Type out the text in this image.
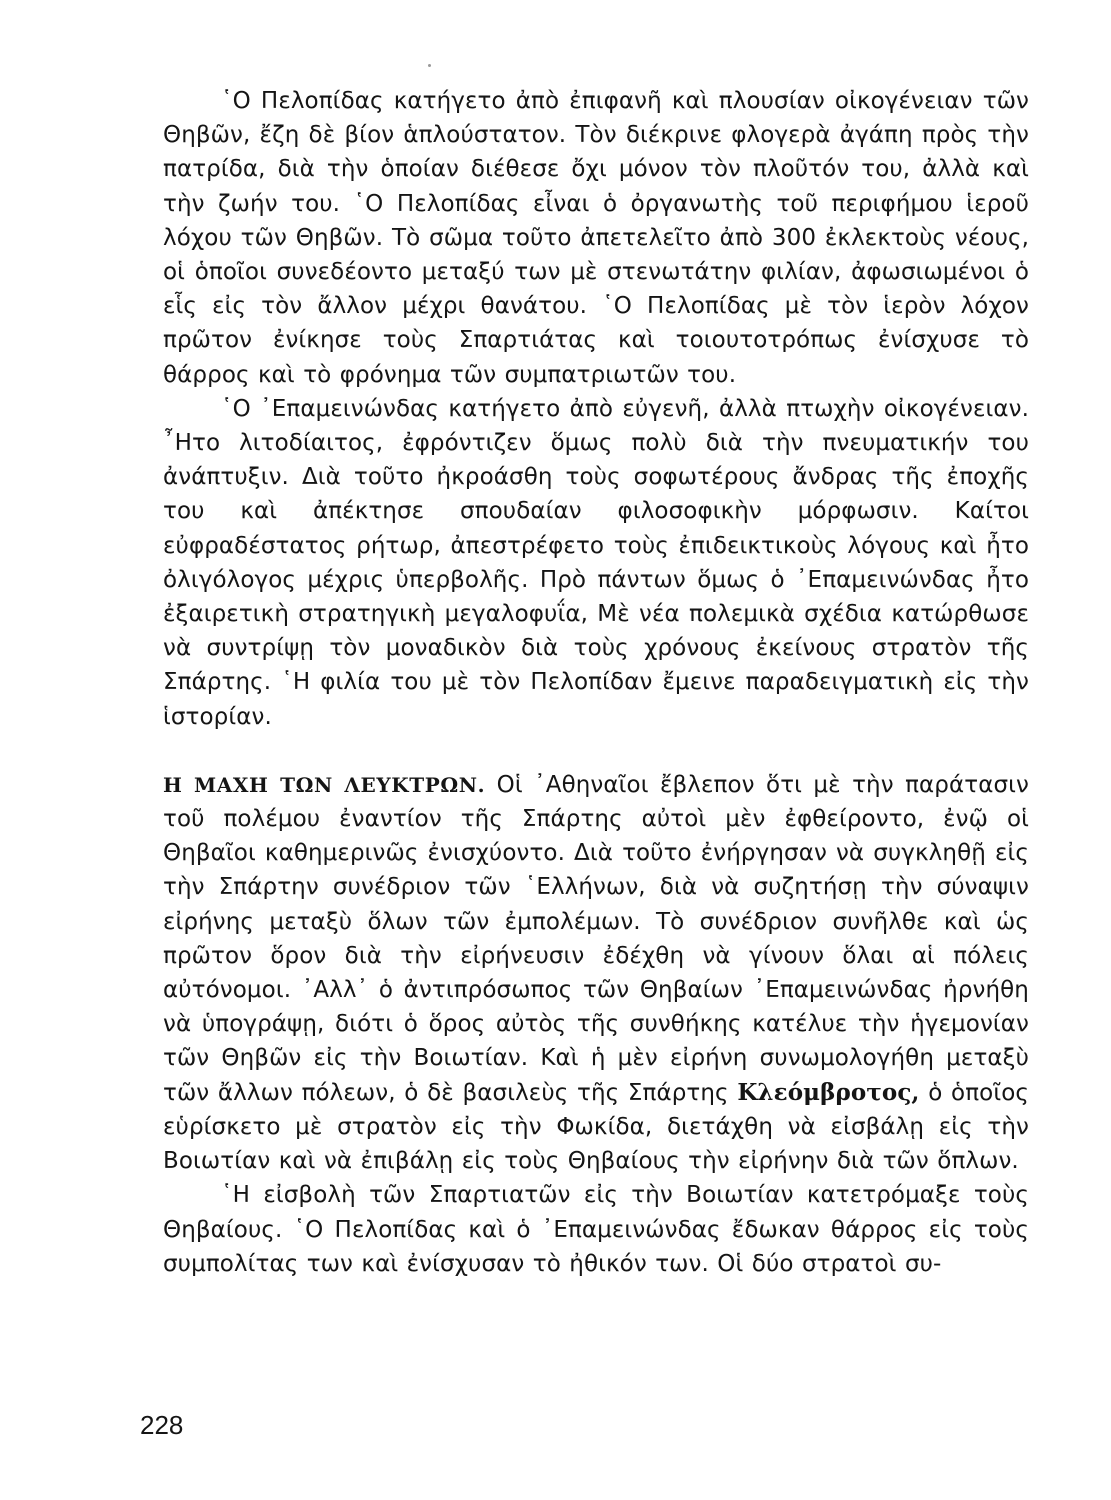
῾Ο Πελοπίδας κατήγετο ἀπὸ ἐπιφανῆ καὶ πλουσίαν οἰκογένειαν τῶν Θηβῶν, ἔζη δὲ βίον ἁπλούστατον. Τὸν διέκρινε φλογερὰ ἀγάπη πρὸς τὴν πατρίδα, διὰ τὴν ὁποίαν διέθεσε ὄχι μόνον τὸν πλοῦτόν του, ἀλλὰ καὶ τὴν ζωήν του. ῾Ο Πελοπίδας εἶναι ὁ ὀργανωτὴς τοῦ περιφήμου ἱεροῦ λόχου τῶν Θηβῶν. Τὸ σῶμα τοῦτο ἀπετελεῖτο ἀπὸ 300 ἐκλεκτοὺς νέους, οἱ ὁποῖοι συνεδέοντο μεταξύ των μὲ στενωτάτην φιλίαν, ἀφωσιωμένοι ὁ εἷς εἰς τὸν ἄλλον μέχρι θανάτου. ῾Ο Πελοπίδας μὲ τὸν ἱερὸν λόχον πρῶτον ἐνίκησε τοὺς Σπαρτιάτας καὶ τοιουτοτρόπως ἐνίσχυσε τὸ θάρρος καὶ τὸ φρόνημα τῶν συμπατριωτῶν του.

῾Ο ᾿Επαμεινώνδας κατήγετο ἀπὸ εὐγενῆ, ἀλλὰ πτωχὴν οἰκογένειαν. ῏Ητο λιτοδίαιτος, ἐφρόντιζεν ὅμως πολὺ διὰ τὴν πνευματικήν του ἀνάπτυξιν. Διὰ τοῦτο ἠκροάσθη τοὺς σοφωτέρους ἄνδρας τῆς ἐποχῆς του καὶ ἀπέκτησε σπουδαίαν φιλοσοφικὴν μόρφωσιν. Καίτοι εὐφραδέστατος ρήτωρ, ἀπεστρέφετο τοὺς ἐπιδεικτικοὺς λόγους καὶ ἦτο ὀλιγόλογος μέχρις ὑπερβολῆς. Πρὸ πάντων ὅμως ὁ ᾿Επαμεινώνδας ἦτο ἐξαιρετικὴ στρατηγικὴ μεγαλοφυΐα, Μὲ νέα πολεμικὰ σχέδια κατώρθωσε νὰ συντρίψῃ τὸν μοναδικὸν διὰ τοὺς χρόνους ἐκείνους στρατὸν τῆς Σπάρτης. ῾Η φιλία του μὲ τὸν Πελοπίδαν ἔμεινε παραδειγματικὴ εἰς τὴν ἱστορίαν.

Η ΜΑΧΗ ΤΩΝ ΛΕΥΚΤΡΩΝ. Οἱ ᾿Αθηναῖοι ἔβλεπον ὅτι μὲ τὴν παράτασιν τοῦ πολέμου ἐναντίον τῆς Σπάρτης αὐτοὶ μὲν ἐφθείροντο, ἐνῷ οἱ Θηβαῖοι καθημερινῶς ἐνισχύοντο. Διὰ τοῦτο ἐνήργησαν νὰ συγκληθῇ εἰς τὴν Σπάρτην συνέδριον τῶν ῾Ελλήνων, διὰ νὰ συζητήσῃ τὴν σύναψιν εἰρήνης μεταξὺ ὅλων τῶν ἐμπολέμων. Τὸ συνέδριον συνῆλθε καὶ ὡς πρῶτον ὅρον διὰ τὴν εἰρήνευσιν ἐδέχθη νὰ γίνουν ὅλαι αἱ πόλεις αὐτόνομοι. ᾿Αλλ᾿ ὁ ἀντιπρόσωπος τῶν Θηβαίων ᾿Επαμεινώνδας ἠρνήθη νὰ ὑπογράψῃ, διότι ὁ ὅρος αὐτὸς τῆς συνθήκης κατέλυε τὴν ἡγεμονίαν τῶν Θηβῶν εἰς τὴν Βοιωτίαν. Καὶ ἡ μὲν εἰρήνη συνωμολογήθη μεταξὺ τῶν ἄλλων πόλεων, ὁ δὲ βασιλεὺς τῆς Σπάρτης Κλεόμβροτος, ὁ ὁποῖος εὑρίσκετο μὲ στρατὸν εἰς τὴν Φωκίδα, διετάχθη νὰ εἰσβάλῃ εἰς τὴν Βοιωτίαν καὶ νὰ ἐπιβάλῃ εἰς τοὺς Θηβαίους τὴν εἰρήνην διὰ τῶν ὅπλων.

῾Η εἰσβολὴ τῶν Σπαρτιατῶν εἰς τὴν Βοιωτίαν κατετρόμαξε τοὺς Θηβαίους. ῾Ο Πελοπίδας καὶ ὁ ᾿Επαμεινώνδας ἔδωκαν θάρρος εἰς τοὺς συμπολίτας των καὶ ἐνίσχυσαν τὸ ἠθικόν των. Οἱ δύο στρατοὶ συ-

228
